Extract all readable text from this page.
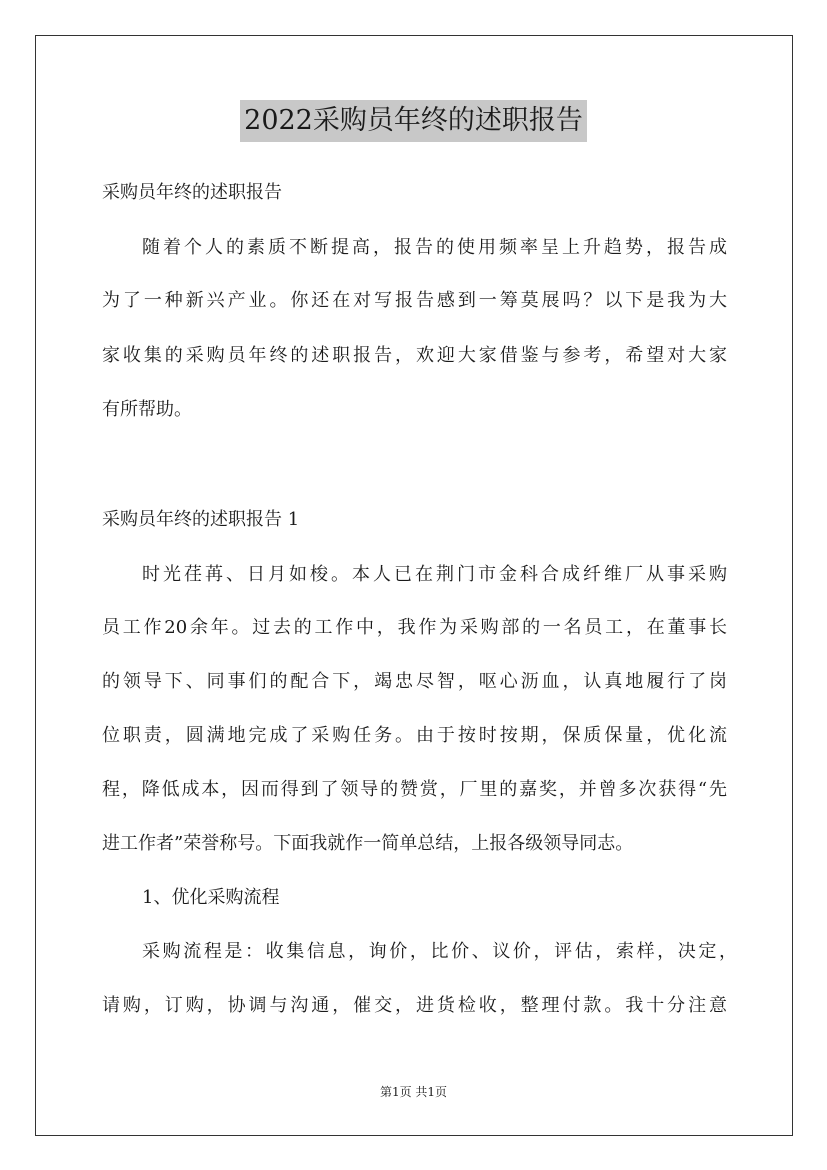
2022采购员年终的述职报告
采购员年终的述职报告
随着个人的素质不断提高，报告的使用频率呈上升趋势，报告成
为了一种新兴产业。你还在对写报告感到一筹莫展吗？以下是我为大
家收集的采购员年终的述职报告，欢迎大家借鉴与参考，希望对大家
有所帮助。
采购员年终的述职报告 1
时光荏苒、日月如梭。本人已在荆门市金科合成纤维厂从事采购
员工作20余年。过去的工作中，我作为采购部的一名员工，在董事长
的领导下、同事们的配合下，竭忠尽智，呕心沥血，认真地履行了岗
位职责，圆满地完成了采购任务。由于按时按期，保质保量，优化流
程，降低成本，因而得到了领导的赞赏，厂里的嘉奖，并曾多次获得“先
进工作者”荣誉称号。下面我就作一简单总结，上报各级领导同志。
1、优化采购流程
采购流程是：收集信息，询价，比价、议价，评估，索样，决定，
请购，订购，协调与沟通，催交，进货检收，整理付款。我十分注意
第1页 共1页
